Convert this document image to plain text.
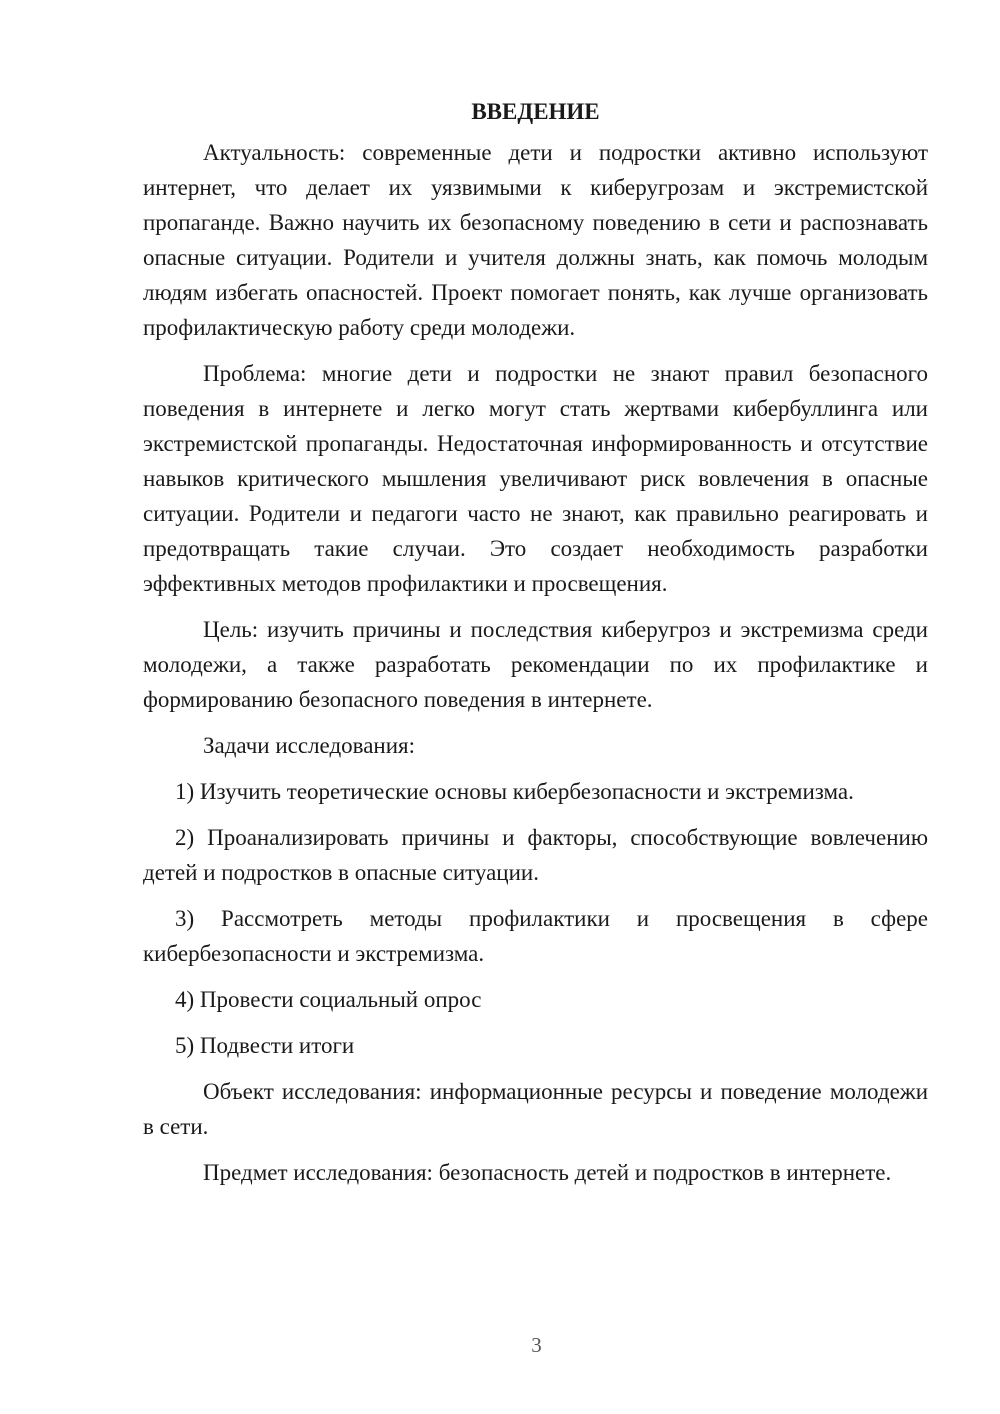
ВВЕДЕНИЕ

Актуальность: современные дети и подростки активно используют интернет, что делает их уязвимыми к киберугрозам и экстремистской пропаганде. Важно научить их безопасному поведению в сети и распознавать опасные ситуации. Родители и учителя должны знать, как помочь молодым людям избегать опасностей. Проект помогает понять, как лучше организовать профилактическую работу среди молодежи.

Проблема: многие дети и подростки не знают правил безопасного поведения в интернете и легко могут стать жертвами кибербуллинга или экстремистской пропаганды. Недостаточная информированность и отсутствие навыков критического мышления увеличивают риск вовлечения в опасные ситуации. Родители и педагоги часто не знают, как правильно реагировать и предотвращать такие случаи. Это создает необходимость разработки эффективных методов профилактики и просвещения.

Цель: изучить причины и последствия киберугроз и экстремизма среди молодежи, а также разработать рекомендации по их профилактике и формированию безопасного поведения в интернете.

Задачи исследования:

1) Изучить теоретические основы кибербезопасности и экстремизма.

2) Проанализировать причины и факторы, способствующие вовлечению детей и подростков в опасные ситуации.

3) Рассмотреть методы профилактики и просвещения в сфере кибербезопасности и экстремизма.

4) Провести социальный опрос

5) Подвести итоги

Объект исследования: информационные ресурсы и поведение молодежи в сети.

Предмет исследования: безопасность детей и подростков в интернете.

3
